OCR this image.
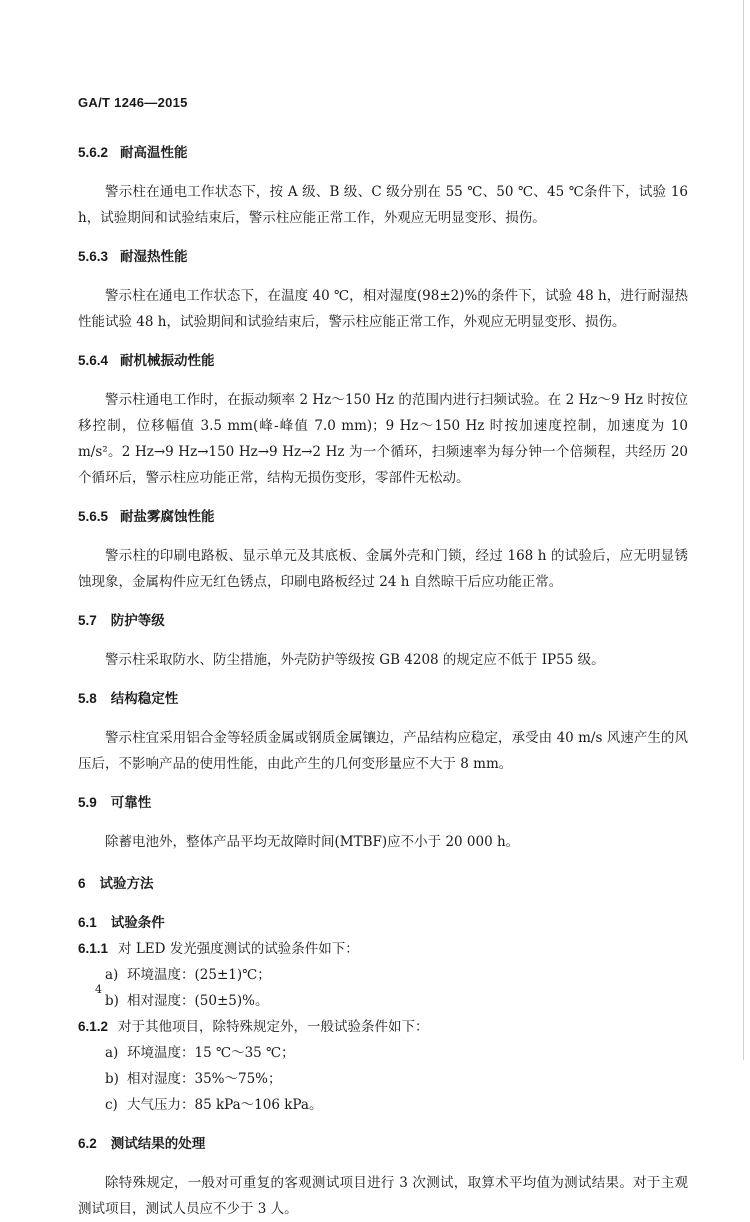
GA/T 1246—2015

5.6.2 耐高温性能

警示柱在通电工作状态下，按 A 级、B 级、C 级分别在 55 ℃、50 ℃、45 ℃条件下，试验 16 h，试验期间和试验结束后，警示柱应能正常工作，外观应无明显变形、损伤。

5.6.3 耐湿热性能

警示柱在通电工作状态下，在温度 40 ℃，相对湿度(98±2)%的条件下，试验 48 h，进行耐湿热性能试验 48 h，试验期间和试验结束后，警示柱应能正常工作，外观应无明显变形、损伤。

5.6.4 耐机械振动性能

警示柱通电工作时，在振动频率 2 Hz～150 Hz 的范围内进行扫频试验。在 2 Hz～9 Hz 时按位移控制，位移幅值 3.5 mm(峰-峰值 7.0 mm)；9 Hz～150 Hz 时按加速度控制，加速度为 10 m/s²。2 Hz→9 Hz→150 Hz→9 Hz→2 Hz 为一个循环，扫频速率为每分钟一个倍频程，共经历 20 个循环后，警示柱应功能正常，结构无损伤变形，零部件无松动。

5.6.5 耐盐雾腐蚀性能

警示柱的印刷电路板、显示单元及其底板、金属外壳和门锁，经过 168 h 的试验后，应无明显锈蚀现象，金属构件应无红色锈点，印刷电路板经过 24 h 自然晾干后应功能正常。

5.7 防护等级

警示柱采取防水、防尘措施，外壳防护等级按 GB 4208 的规定应不低于 IP55 级。

5.8 结构稳定性

警示柱宜采用铝合金等轻质金属或钢质金属镶边，产品结构应稳定，承受由 40 m/s 风速产生的风压后，不影响产品的使用性能，由此产生的几何变形量应不大于 8 mm。

5.9 可靠性

除蓄电池外，整体产品平均无故障时间(MTBF)应不小于 20 000 h。

6 试验方法

6.1 试验条件

6.1.1 对 LED 发光强度测试的试验条件如下：

a) 环境温度：(25±1)℃；

b) 相对湿度：(50±5)%。

6.1.2 对于其他项目，除特殊规定外，一般试验条件如下：

a) 环境温度：15 ℃～35 ℃；

b) 相对湿度：35%～75%；

c) 大气压力：85 kPa～106 kPa。

6.2 测试结果的处理

除特殊规定，一般对可重复的客观测试项目进行 3 次测试，取算术平均值为测试结果。对于主观测试项目，测试人员应不少于 3 人。

4
